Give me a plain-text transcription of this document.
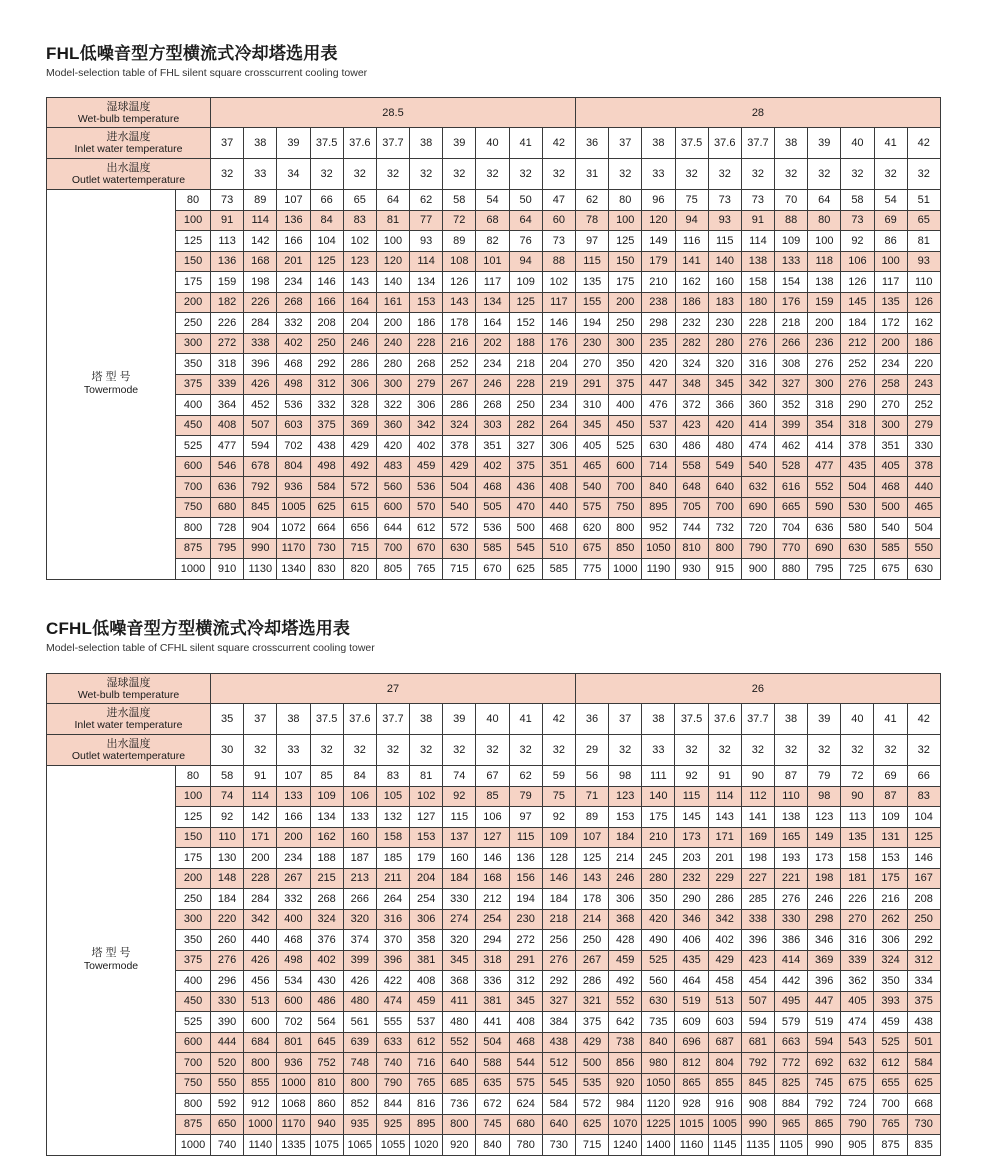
FHL低噪音型方型横流式冷却塔选用表
Model-selection table of FHL silent square crosscurrent cooling tower
湿球温度
Wet-bulb temperature		28.5											28										

进水温度
Inlet water temperature		37	38	39	37.5	37.6	37.7	38	39	40	41	42	36	37	38	37.5	37.6	37.7	38	39	40	41	42

出水温度
Outlet watertemperature		32	33	34	32	32	32	32	32	32	32	32	31	32	33	32	32	32	32	32	32	32	32

塔 型 号
Towermode	80	73	89	107	66	65	64	62	58	54	50	47	62	80	96	75	73	73	70	64	58	54	51
	100	91	114	136	84	83	81	77	72	68	64	60	78	100	120	94	93	91	88	80	73	69	65
	125	113	142	166	104	102	100	93	89	82	76	73	97	125	149	116	115	114	109	100	92	86	81
	150	136	168	201	125	123	120	114	108	101	94	88	115	150	179	141	140	138	133	118	106	100	93
	175	159	198	234	146	143	140	134	126	117	109	102	135	175	210	162	160	158	154	138	126	117	110
	200	182	226	268	166	164	161	153	143	134	125	117	155	200	238	186	183	180	176	159	145	135	126
	250	226	284	332	208	204	200	186	178	164	152	146	194	250	298	232	230	228	218	200	184	172	162
	300	272	338	402	250	246	240	228	216	202	188	176	230	300	235	282	280	276	266	236	212	200	186
	350	318	396	468	292	286	280	268	252	234	218	204	270	350	420	324	320	316	308	276	252	234	220
	375	339	426	498	312	306	300	279	267	246	228	219	291	375	447	348	345	342	327	300	276	258	243
	400	364	452	536	332	328	322	306	286	268	250	234	310	400	476	372	366	360	352	318	290	270	252
	450	408	507	603	375	369	360	342	324	303	282	264	345	450	537	423	420	414	399	354	318	300	279
	525	477	594	702	438	429	420	402	378	351	327	306	405	525	630	486	480	474	462	414	378	351	330
	600	546	678	804	498	492	483	459	429	402	375	351	465	600	714	558	549	540	528	477	435	405	378
	700	636	792	936	584	572	560	536	504	468	436	408	540	700	840	648	640	632	616	552	504	468	440
	750	680	845	1005	625	615	600	570	540	505	470	440	575	750	895	705	700	690	665	590	530	500	465
	800	728	904	1072	664	656	644	612	572	536	500	468	620	800	952	744	732	720	704	636	580	540	504
	875	795	990	1170	730	715	700	670	630	585	545	510	675	850	1050	810	800	790	770	690	630	585	550
	1000	910	1130	1340	830	820	805	765	715	670	625	585	775	1000	1190	930	915	900	880	795	725	675	630
CFHL低噪音型方型横流式冷却塔选用表
Model-selection table of CFHL silent square crosscurrent cooling tower
湿球温度
Wet-bulb temperature		27											26										

进水温度
Inlet water temperature		35	37	38	37.5	37.6	37.7	38	39	40	41	42	36	37	38	37.5	37.6	37.7	38	39	40	41	42

出水温度
Outlet watertemperature		30	32	33	32	32	32	32	32	32	32	32	29	32	33	32	32	32	32	32	32	32	32

塔 型 号
Towermode	80	58	91	107	85	84	83	81	74	67	62	59	56	98	111	92	91	90	87	79	72	69	66
	100	74	114	133	109	106	105	102	92	85	79	75	71	123	140	115	114	112	110	98	90	87	83
	125	92	142	166	134	133	132	127	115	106	97	92	89	153	175	145	143	141	138	123	113	109	104
	150	110	171	200	162	160	158	153	137	127	115	109	107	184	210	173	171	169	165	149	135	131	125
	175	130	200	234	188	187	185	179	160	146	136	128	125	214	245	203	201	198	193	173	158	153	146
	200	148	228	267	215	213	211	204	184	168	156	146	143	246	280	232	229	227	221	198	181	175	167
	250	184	284	332	268	266	264	254	330	212	194	184	178	306	350	290	286	285	276	246	226	216	208
	300	220	342	400	324	320	316	306	274	254	230	218	214	368	420	346	342	338	330	298	270	262	250
	350	260	440	468	376	374	370	358	320	294	272	256	250	428	490	406	402	396	386	346	316	306	292
	375	276	426	498	402	399	396	381	345	318	291	276	267	459	525	435	429	423	414	369	339	324	312
	400	296	456	534	430	426	422	408	368	336	312	292	286	492	560	464	458	454	442	396	362	350	334
	450	330	513	600	486	480	474	459	411	381	345	327	321	552	630	519	513	507	495	447	405	393	375
	525	390	600	702	564	561	555	537	480	441	408	384	375	642	735	609	603	594	579	519	474	459	438
	600	444	684	801	645	639	633	612	552	504	468	438	429	738	840	696	687	681	663	594	543	525	501
	700	520	800	936	752	748	740	716	640	588	544	512	500	856	980	812	804	792	772	692	632	612	584
	750	550	855	1000	810	800	790	765	685	635	575	545	535	920	1050	865	855	845	825	745	675	655	625
	800	592	912	1068	860	852	844	816	736	672	624	584	572	984	1120	928	916	908	884	792	724	700	668
	875	650	1000	1170	940	935	925	895	800	745	680	640	625	1070	1225	1015	1005	990	965	865	790	765	730
	1000	740	1140	1335	1075	1065	1055	1020	920	840	780	730	715	1240	1400	1160	1145	1135	1105	990	905	875	835
